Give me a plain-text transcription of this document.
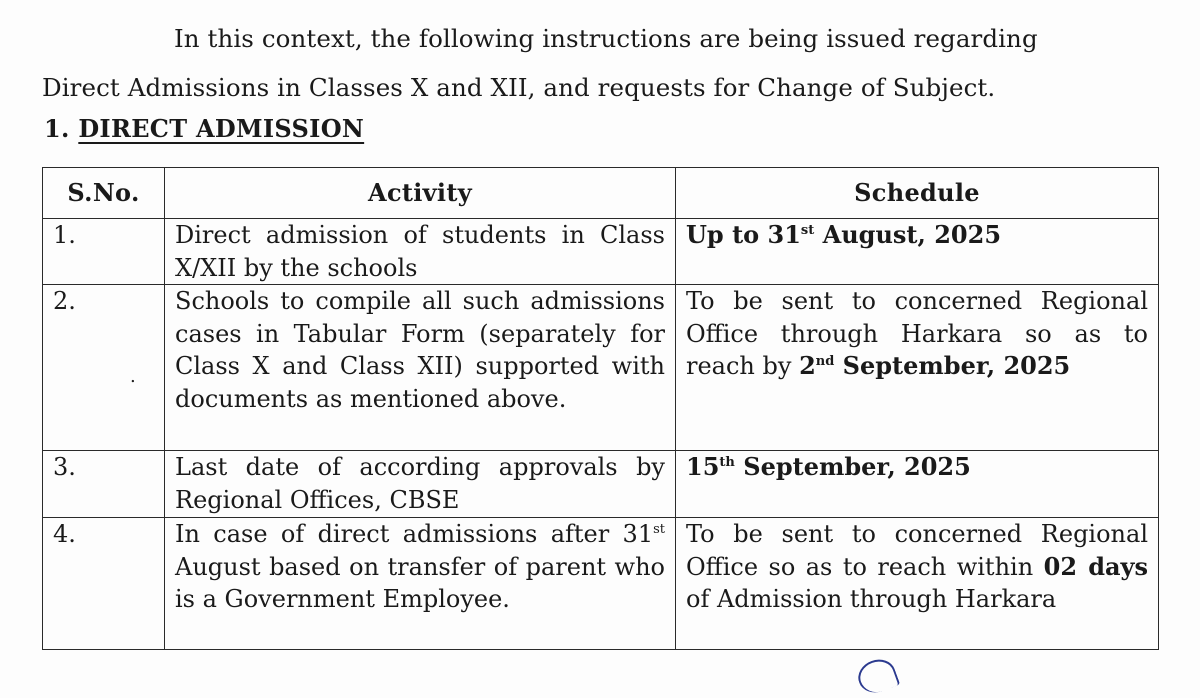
In this context, the following instructions are being issued regarding
Direct Admissions in Classes X and XII, and requests for Change of Subject.
1. DIRECT ADMISSION
S.No.	Activity	Schedule
1.	Direct admission of students in Class X/XII by the schools	Up to 31st August, 2025
2.	Schools to compile all such admissions cases in Tabular Form (separately for Class X and Class XII) supported with documents as mentioned above.	To be sent to concerned Regional Office through Harkara so as to reach by 2nd September, 2025
3.	Last date of according approvals by Regional Offices, CBSE	15th September, 2025
4.	In case of direct admissions after 31st August based on transfer of parent who is a Government Employee.	To be sent to concerned Regional Office so as to reach within 02 days of Admission through Harkara
.
